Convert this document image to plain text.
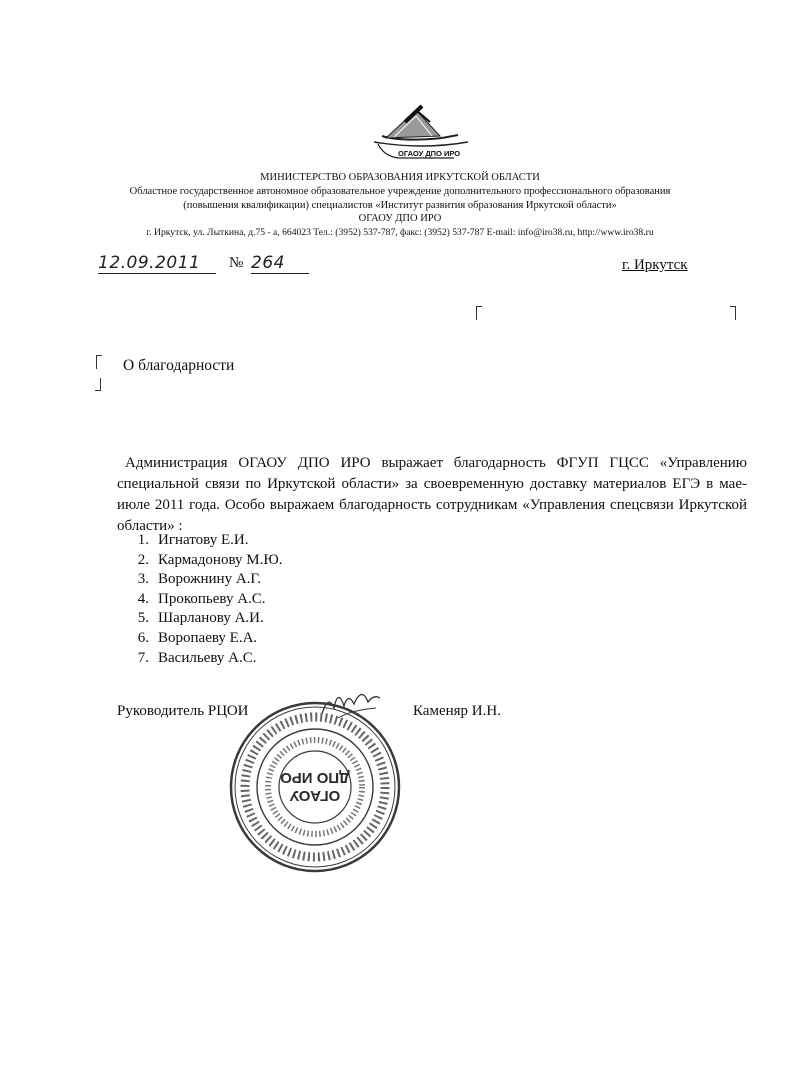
ОГАОУ ДПО ИРО
МИНИСТЕРСТВО ОБРАЗОВАНИЯ ИРКУТСКОЙ ОБЛАСТИ
Областное государственное автономное образовательное учреждение дополнительного профессионального образования
(повышения квалификации) специалистов «Институт развития образования Иркутской области»
ОГАОУ ДПО ИРО
г. Иркутск, ул. Лыткина, д.75 - а, 664023 Тел.: (3952) 537-787, факс: (3952) 537-787 E-mail: info@iro38.ru, http://www.iro38.ru
12.09.2011	№ 264	г. Иркутск
О благодарности
Администрация ОГАОУ ДПО ИРО выражает благодарность ФГУП ГЦСС «Управлению специальной связи по Иркутской области» за своевременную доставку материалов ЕГЭ в мае-июле 2011 года. Особо выражаем благодарность сотрудникам «Управления спецсвязи Иркутской области» :
1. Игнатову Е.И.
2. Кармадонову М.Ю.
3. Ворожнину А.Г.
4. Прокопьеву А.С.
5. Шарланову А.И.
6. Воропаеву Е.А.
7. Васильеву А.С.
Руководитель РЦОИ	Каменяр И.Н.
ОГАОУ
ДПО ИРО
